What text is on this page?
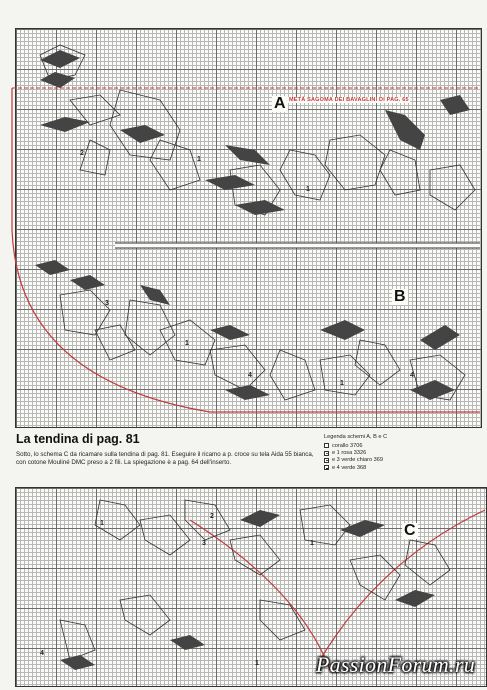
A METÀ SAGOMA DEI BAVAGLINI DI PAG. 65
B
C
1
2
1
3
1
4
1
4
1
2
3	1
4
1
La tendina di pag. 81
Sotto, lo schema C da ricamare sulla tendina di pag. 81. Eseguire il ricamo a p. croce su tela Aida 55 bianca, con cotone Mouliné DMC preso a 2 fili. La spiegazione è a pag. 64 dell'inserto.
Legenda schemi A, B e C
corallo 3706
e 1 rosa 3326
e 3 verde chiaro 369
e 4 verde 368
PassionForum.ru
